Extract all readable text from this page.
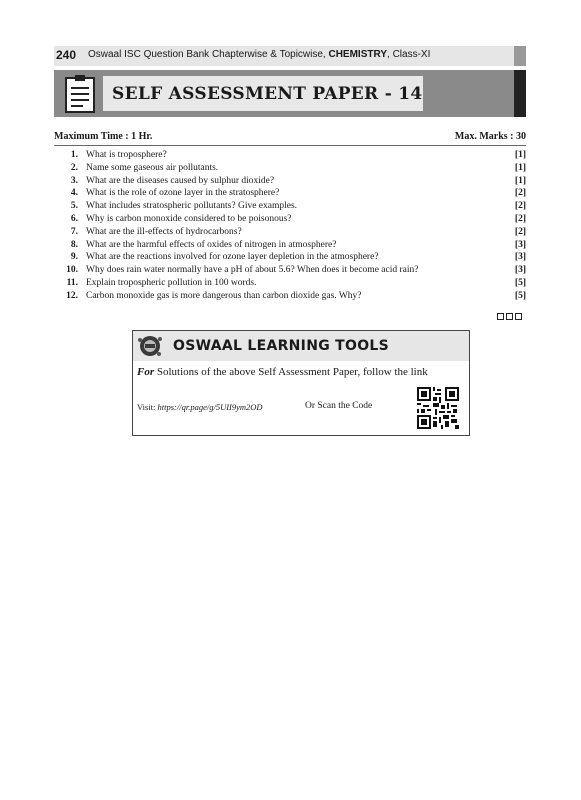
240 Oswaal ISC Question Bank Chapterwise & Topicwise, CHEMISTRY, Class-XI
SELF ASSESSMENT PAPER - 14
Maximum Time : 1 Hr.	Max. Marks : 30
1. What is troposphere?	[1]
2. Name some gaseous air pollutants.	[1]
3. What are the diseases caused by sulphur dioxide?	[1]
4. What is the role of ozone layer in the stratosphere?	[2]
5. What includes stratospheric pollutants? Give examples.	[2]
6. Why is carbon monoxide considered to be poisonous?	[2]
7. What are the ill-effects of hydrocarbons?	[2]
8. What are the harmful effects of oxides of nitrogen in atmosphere?	[3]
9. What are the reactions involved for ozone layer depletion in the atmosphere?	[3]
10. Why does rain water normally have a pH of about 5.6? When does it become acid rain?	[3]
11. Explain tropospheric pollution in 100 words.	[5]
12. Carbon monoxide gas is more dangerous than carbon dioxide gas. Why?	[5]
OSWAAL LEARNING TOOLS
For Solutions of the above Self Assessment Paper, follow the link
Visit: https://qr.page/g/5UII9ym2OD	Or Scan the Code
